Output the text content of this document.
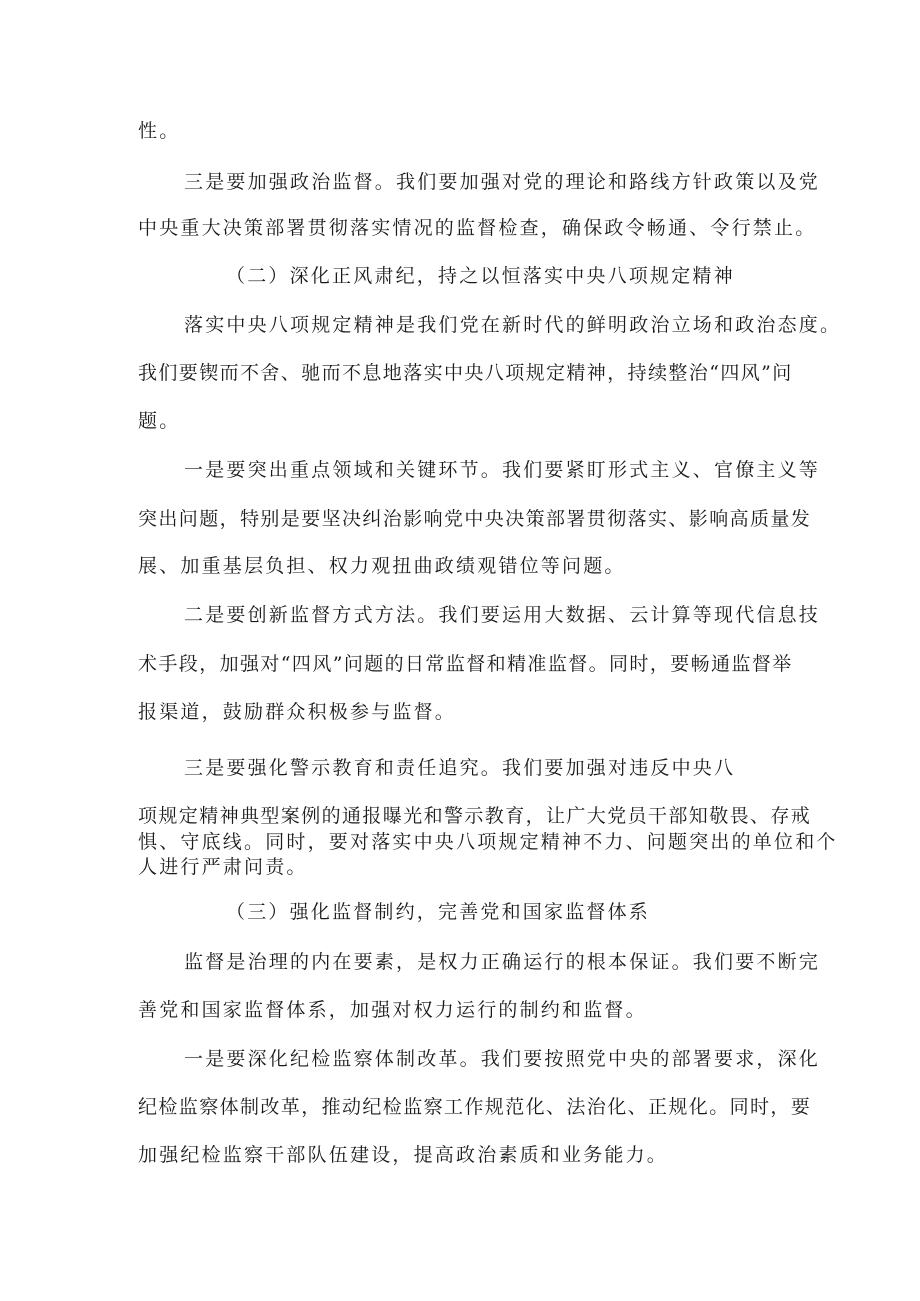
性。
三是要加强政治监督。我们要加强对党的理论和路线方针政策以及党
中央重大决策部署贯彻落实情况的监督检查，确保政令畅通、令行禁止。
（二）深化正风肃纪，持之以恒落实中央八项规定精神
落实中央八项规定精神是我们党在新时代的鲜明政治立场和政治态度。
我们要锲而不舍、驰而不息地落实中央八项规定精神，持续整治“四风”问
题。
一是要突出重点领域和关键环节。我们要紧盯形式主义、官僚主义等
突出问题，特别是要坚决纠治影响党中央决策部署贯彻落实、影响高质量发
展、加重基层负担、权力观扭曲政绩观错位等问题。
二是要创新监督方式方法。我们要运用大数据、云计算等现代信息技
术手段，加强对“四风”问题的日常监督和精准监督。同时，要畅通监督举
报渠道，鼓励群众积极参与监督。
三是要强化警示教育和责任追究。我们要加强对违反中央八
项规定精神典型案例的通报曝光和警示教育，让广大党员干部知敬畏、存戒
惧、守底线。同时，要对落实中央八项规定精神不力、问题突出的单位和个
人进行严肃问责。
（三）强化监督制约，完善党和国家监督体系
监督是治理的内在要素，是权力正确运行的根本保证。我们要不断完
善党和国家监督体系，加强对权力运行的制约和监督。
一是要深化纪检监察体制改革。我们要按照党中央的部署要求，深化
纪检监察体制改革，推动纪检监察工作规范化、法治化、正规化。同时，要
加强纪检监察干部队伍建设，提高政治素质和业务能力。
